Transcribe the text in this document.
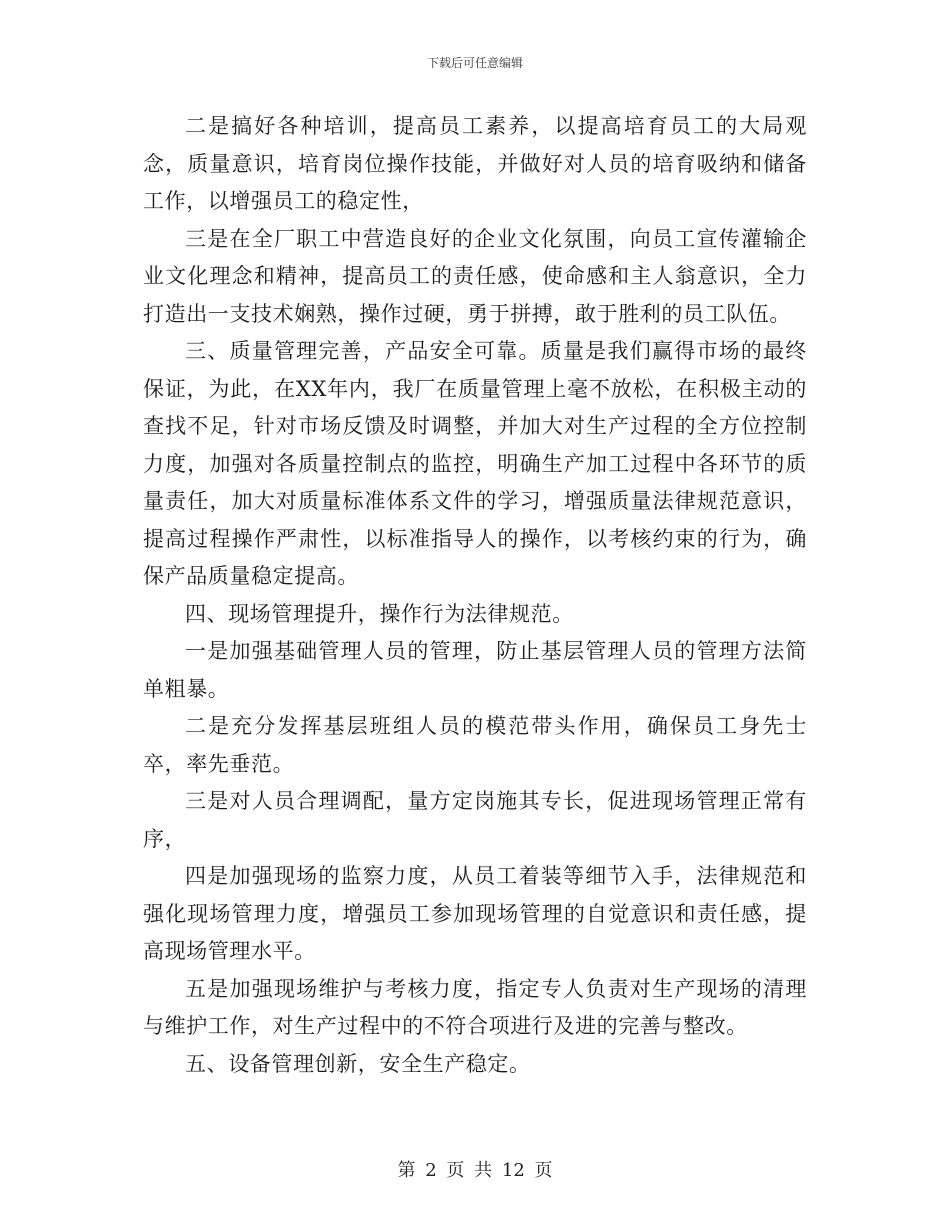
下载后可任意编辑

二是搞好各种培训，提高员工素养，以提高培育员工的大局观念，质量意识，培育岗位操作技能，并做好对人员的培育吸纳和储备工作，以增强员工的稳定性，

三是在全厂职工中营造良好的企业文化氛围，向员工宣传灌输企业文化理念和精神，提高员工的责任感，使命感和主人翁意识，全力打造出一支技术娴熟，操作过硬，勇于拼搏，敢于胜利的员工队伍。

三、质量管理完善，产品安全可靠。质量是我们赢得市场的最终保证，为此，在XX年内，我厂在质量管理上毫不放松，在积极主动的查找不足，针对市场反馈及时调整，并加大对生产过程的全方位控制力度，加强对各质量控制点的监控，明确生产加工过程中各环节的质量责任，加大对质量标准体系文件的学习，增强质量法律规范意识，提高过程操作严肃性，以标准指导人的操作，以考核约束的行为，确保产品质量稳定提高。

四、现场管理提升，操作行为法律规范。

一是加强基础管理人员的管理，防止基层管理人员的管理方法简单粗暴。

二是充分发挥基层班组人员的模范带头作用，确保员工身先士卒，率先垂范。

三是对人员合理调配，量方定岗施其专长，促进现场管理正常有序，

四是加强现场的监察力度，从员工着装等细节入手，法律规范和强化现场管理力度，增强员工参加现场管理的自觉意识和责任感，提高现场管理水平。

五是加强现场维护与考核力度，指定专人负责对生产现场的清理与维护工作，对生产过程中的不符合项进行及进的完善与整改。

五、设备管理创新，安全生产稳定。

第 2 页 共 12 页
